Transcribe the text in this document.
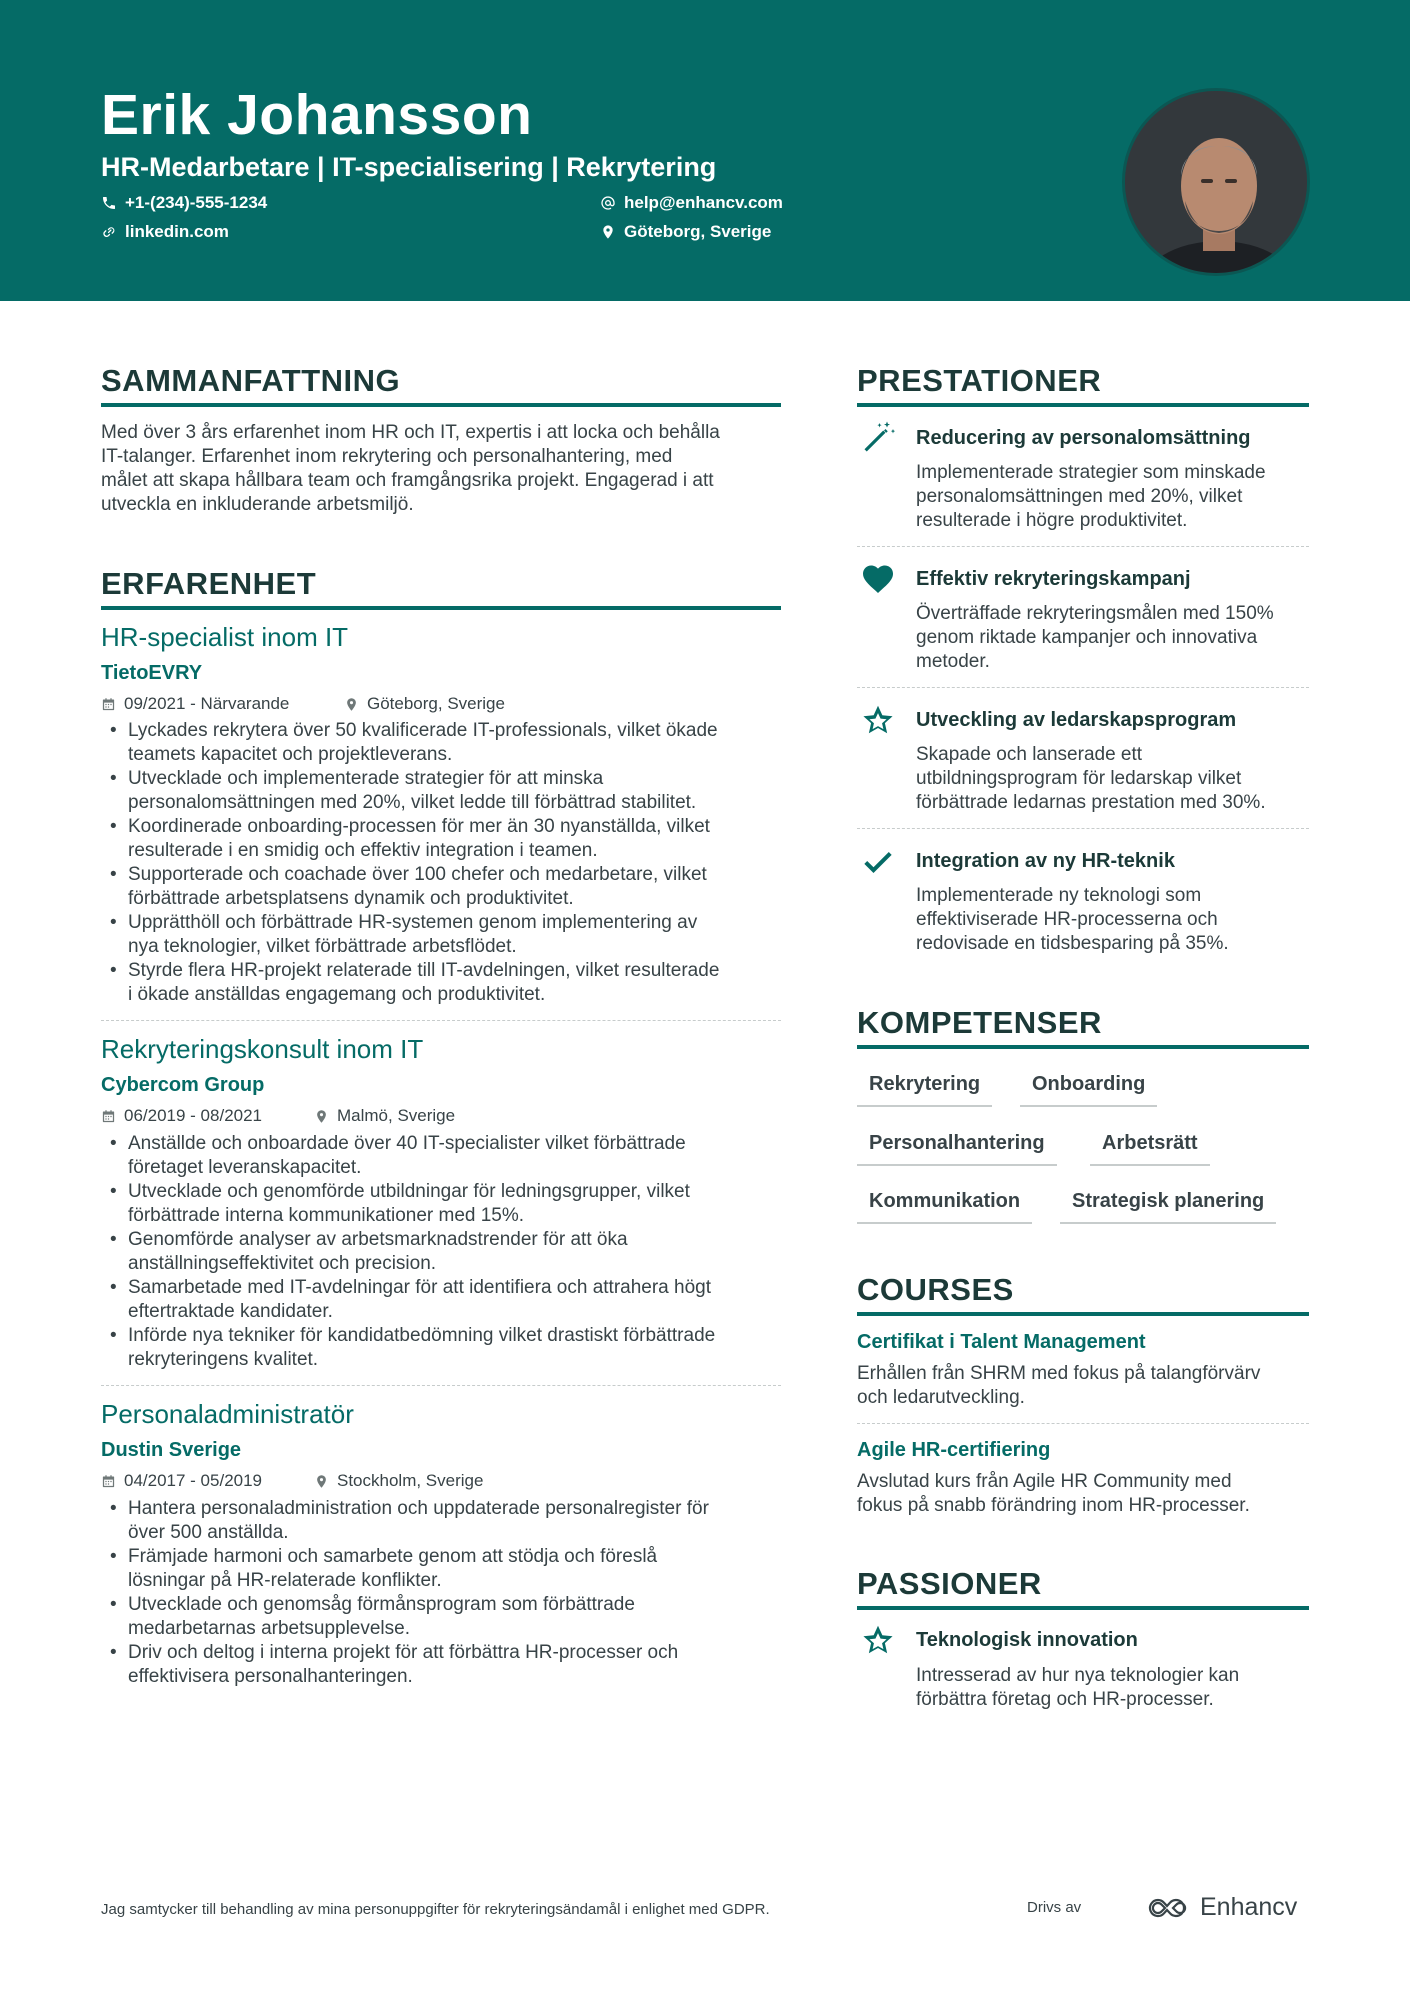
Erik Johansson
HR-Medarbetare | IT-specialisering | Rekrytering
+1-(234)-555-1234	help@enhancv.com
linkedin.com	Göteborg, Sverige
SAMMANFATTNING
Med över 3 års erfarenhet inom HR och IT, expertis i att locka och behålla
IT-talanger. Erfarenhet inom rekrytering och personalhantering, med
målet att skapa hållbara team och framgångsrika projekt. Engagerad i att
utveckla en inkluderande arbetsmiljö.
ERFARENHET
HR-specialist inom IT
TietoEVRY
09/2021 - Närvarande	Göteborg, Sverige
• Lyckades rekrytera över 50 kvalificerade IT-professionals, vilket ökade
teamets kapacitet och projektleverans.
• Utvecklade och implementerade strategier för att minska
personalomsättningen med 20%, vilket ledde till förbättrad stabilitet.
• Koordinerade onboarding-processen för mer än 30 nyanställda, vilket
resulterade i en smidig och effektiv integration i teamen.
• Supporterade och coachade över 100 chefer och medarbetare, vilket
förbättrade arbetsplatsens dynamik och produktivitet.
• Upprätthöll och förbättrade HR-systemen genom implementering av
nya teknologier, vilket förbättrade arbetsflödet.
• Styrde flera HR-projekt relaterade till IT-avdelningen, vilket resulterade
i ökade anställdas engagemang och produktivitet.
Rekryteringskonsult inom IT
Cybercom Group
06/2019 - 08/2021	Malmö, Sverige
• Anställde och onboardade över 40 IT-specialister vilket förbättrade
företaget leveranskapacitet.
• Utvecklade och genomförde utbildningar för ledningsgrupper, vilket
förbättrade interna kommunikationer med 15%.
• Genomförde analyser av arbetsmarknadstrender för att öka
anställningseffektivitet och precision.
• Samarbetade med IT-avdelningar för att identifiera och attrahera högt
eftertraktade kandidater.
• Införde nya tekniker för kandidatbedömning vilket drastiskt förbättrade
rekryteringens kvalitet.
Personaladministratör
Dustin Sverige
04/2017 - 05/2019	Stockholm, Sverige
• Hantera personaladministration och uppdaterade personalregister för
över 500 anställda.
• Främjade harmoni och samarbete genom att stödja och föreslå
lösningar på HR-relaterade konflikter.
• Utvecklade och genomsåg förmånsprogram som förbättrade
medarbetarnas arbetsupplevelse.
• Driv och deltog i interna projekt för att förbättra HR-processer och
effektivisera personalhanteringen.
PRESTATIONER
Reducering av personalomsättning
Implementerade strategier som minskade
personalomsättningen med 20%, vilket
resulterade i högre produktivitet.
Effektiv rekryteringskampanj
Överträffade rekryteringsmålen med 150%
genom riktade kampanjer och innovativa
metoder.
Utveckling av ledarskapsprogram
Skapade och lanserade ett
utbildningsprogram för ledarskap vilket
förbättrade ledarnas prestation med 30%.
Integration av ny HR-teknik
Implementerade ny teknologi som
effektiviserade HR-processerna och
redovisade en tidsbesparing på 35%.
KOMPETENSER
Rekrytering	Onboarding
Personalhantering	Arbetsrätt
Kommunikation	Strategisk planering
COURSES
Certifikat i Talent Management
Erhållen från SHRM med fokus på talangförvärv
och ledarutveckling.
Agile HR-certifiering
Avslutad kurs från Agile HR Community med
fokus på snabb förändring inom HR-processer.
PASSIONER
Teknologisk innovation
Intresserad av hur nya teknologier kan
förbättra företag och HR-processer.
Jag samtycker till behandling av mina personuppgifter för rekryteringsändamål i enlighet med GDPR.	Drivs av	Enhancv
